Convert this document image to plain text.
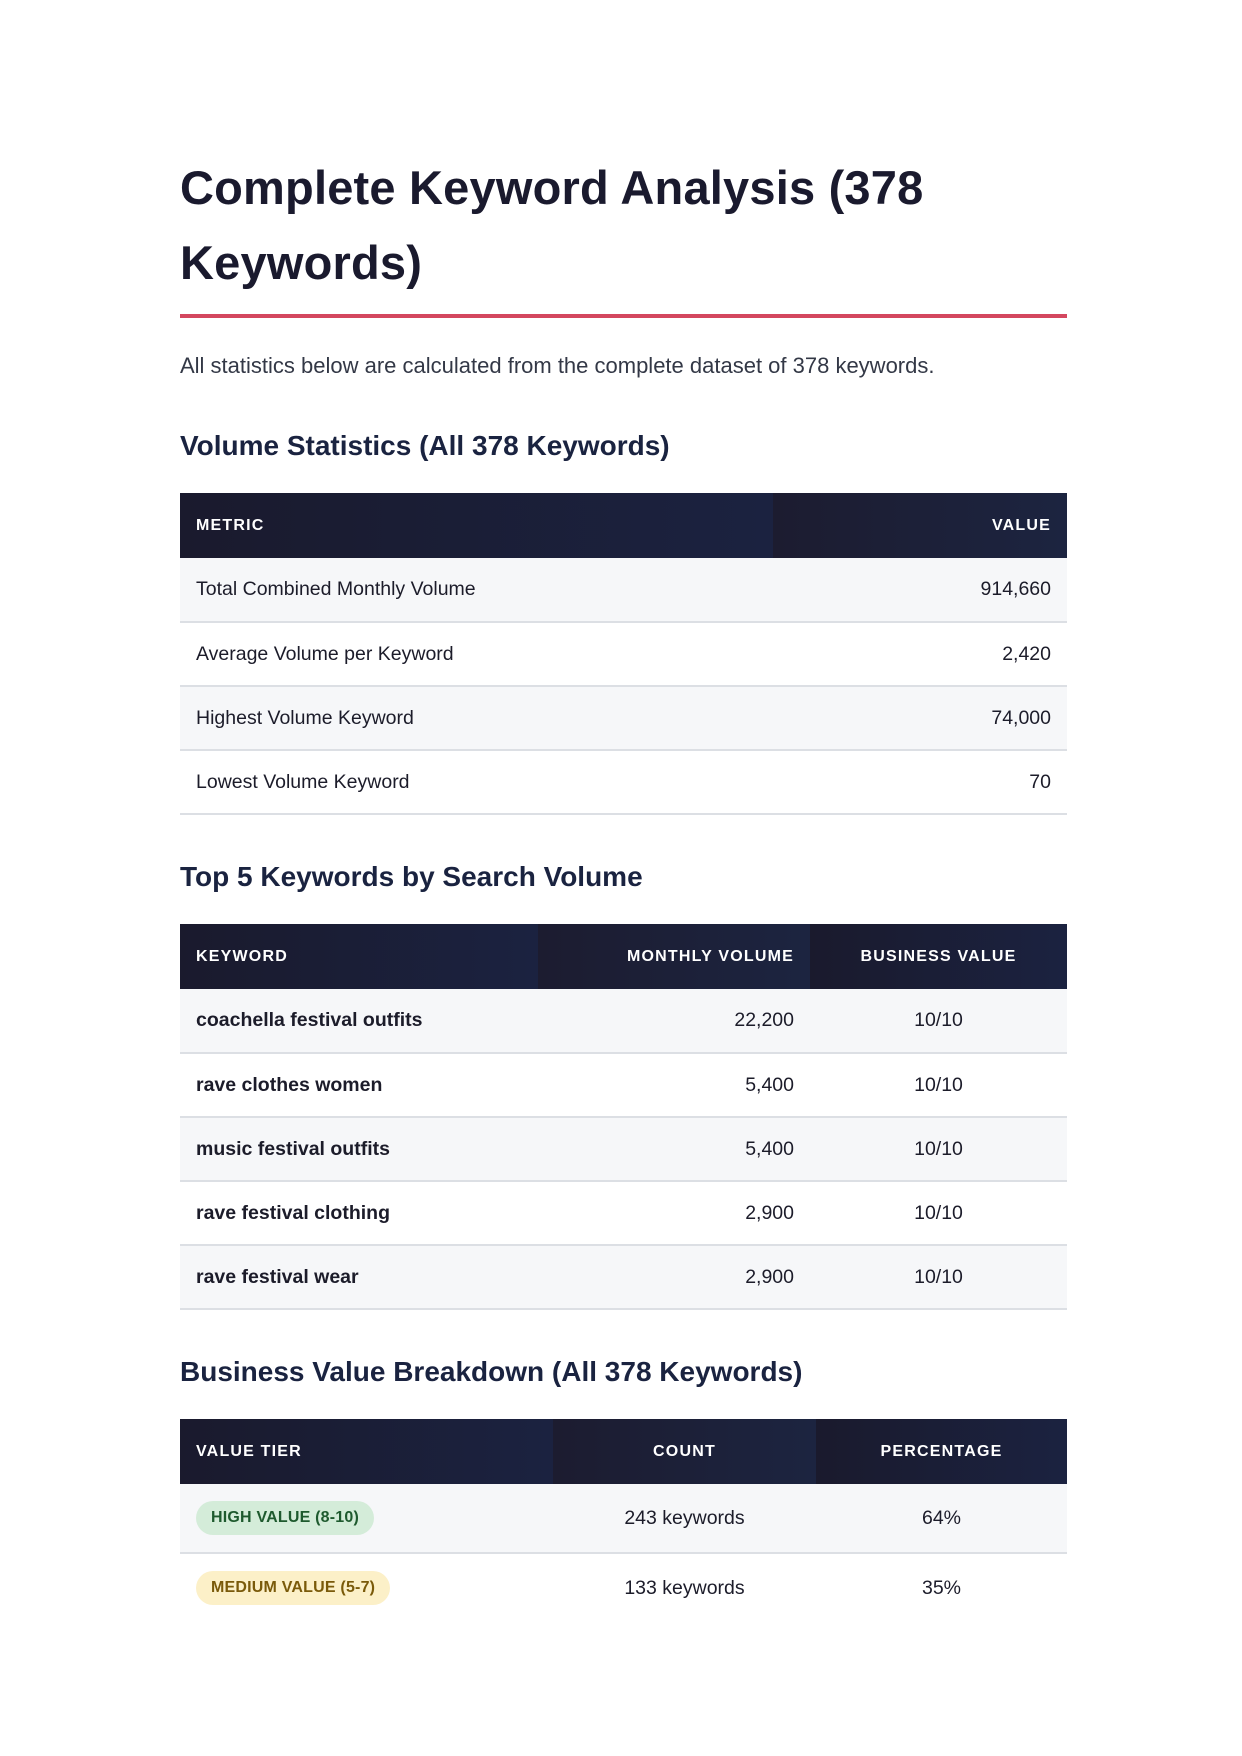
Complete Keyword Analysis (378 Keywords)

All statistics below are calculated from the complete dataset of 378 keywords.

Volume Statistics (All 378 Keywords)
METRIC	VALUE
Total Combined Monthly Volume	914,660
Average Volume per Keyword	2,420
Highest Volume Keyword	74,000
Lowest Volume Keyword	70
Top 5 Keywords by Search Volume
KEYWORD	MONTHLY VOLUME	BUSINESS VALUE
coachella festival outfits	22,200	10/10
rave clothes women	5,400	10/10
music festival outfits	5,400	10/10
rave festival clothing	2,900	10/10
rave festival wear	2,900	10/10
Business Value Breakdown (All 378 Keywords)
VALUE TIER	COUNT	PERCENTAGE
HIGH VALUE (8-10)	243 keywords	64%
MEDIUM VALUE (5-7)	133 keywords	35%
